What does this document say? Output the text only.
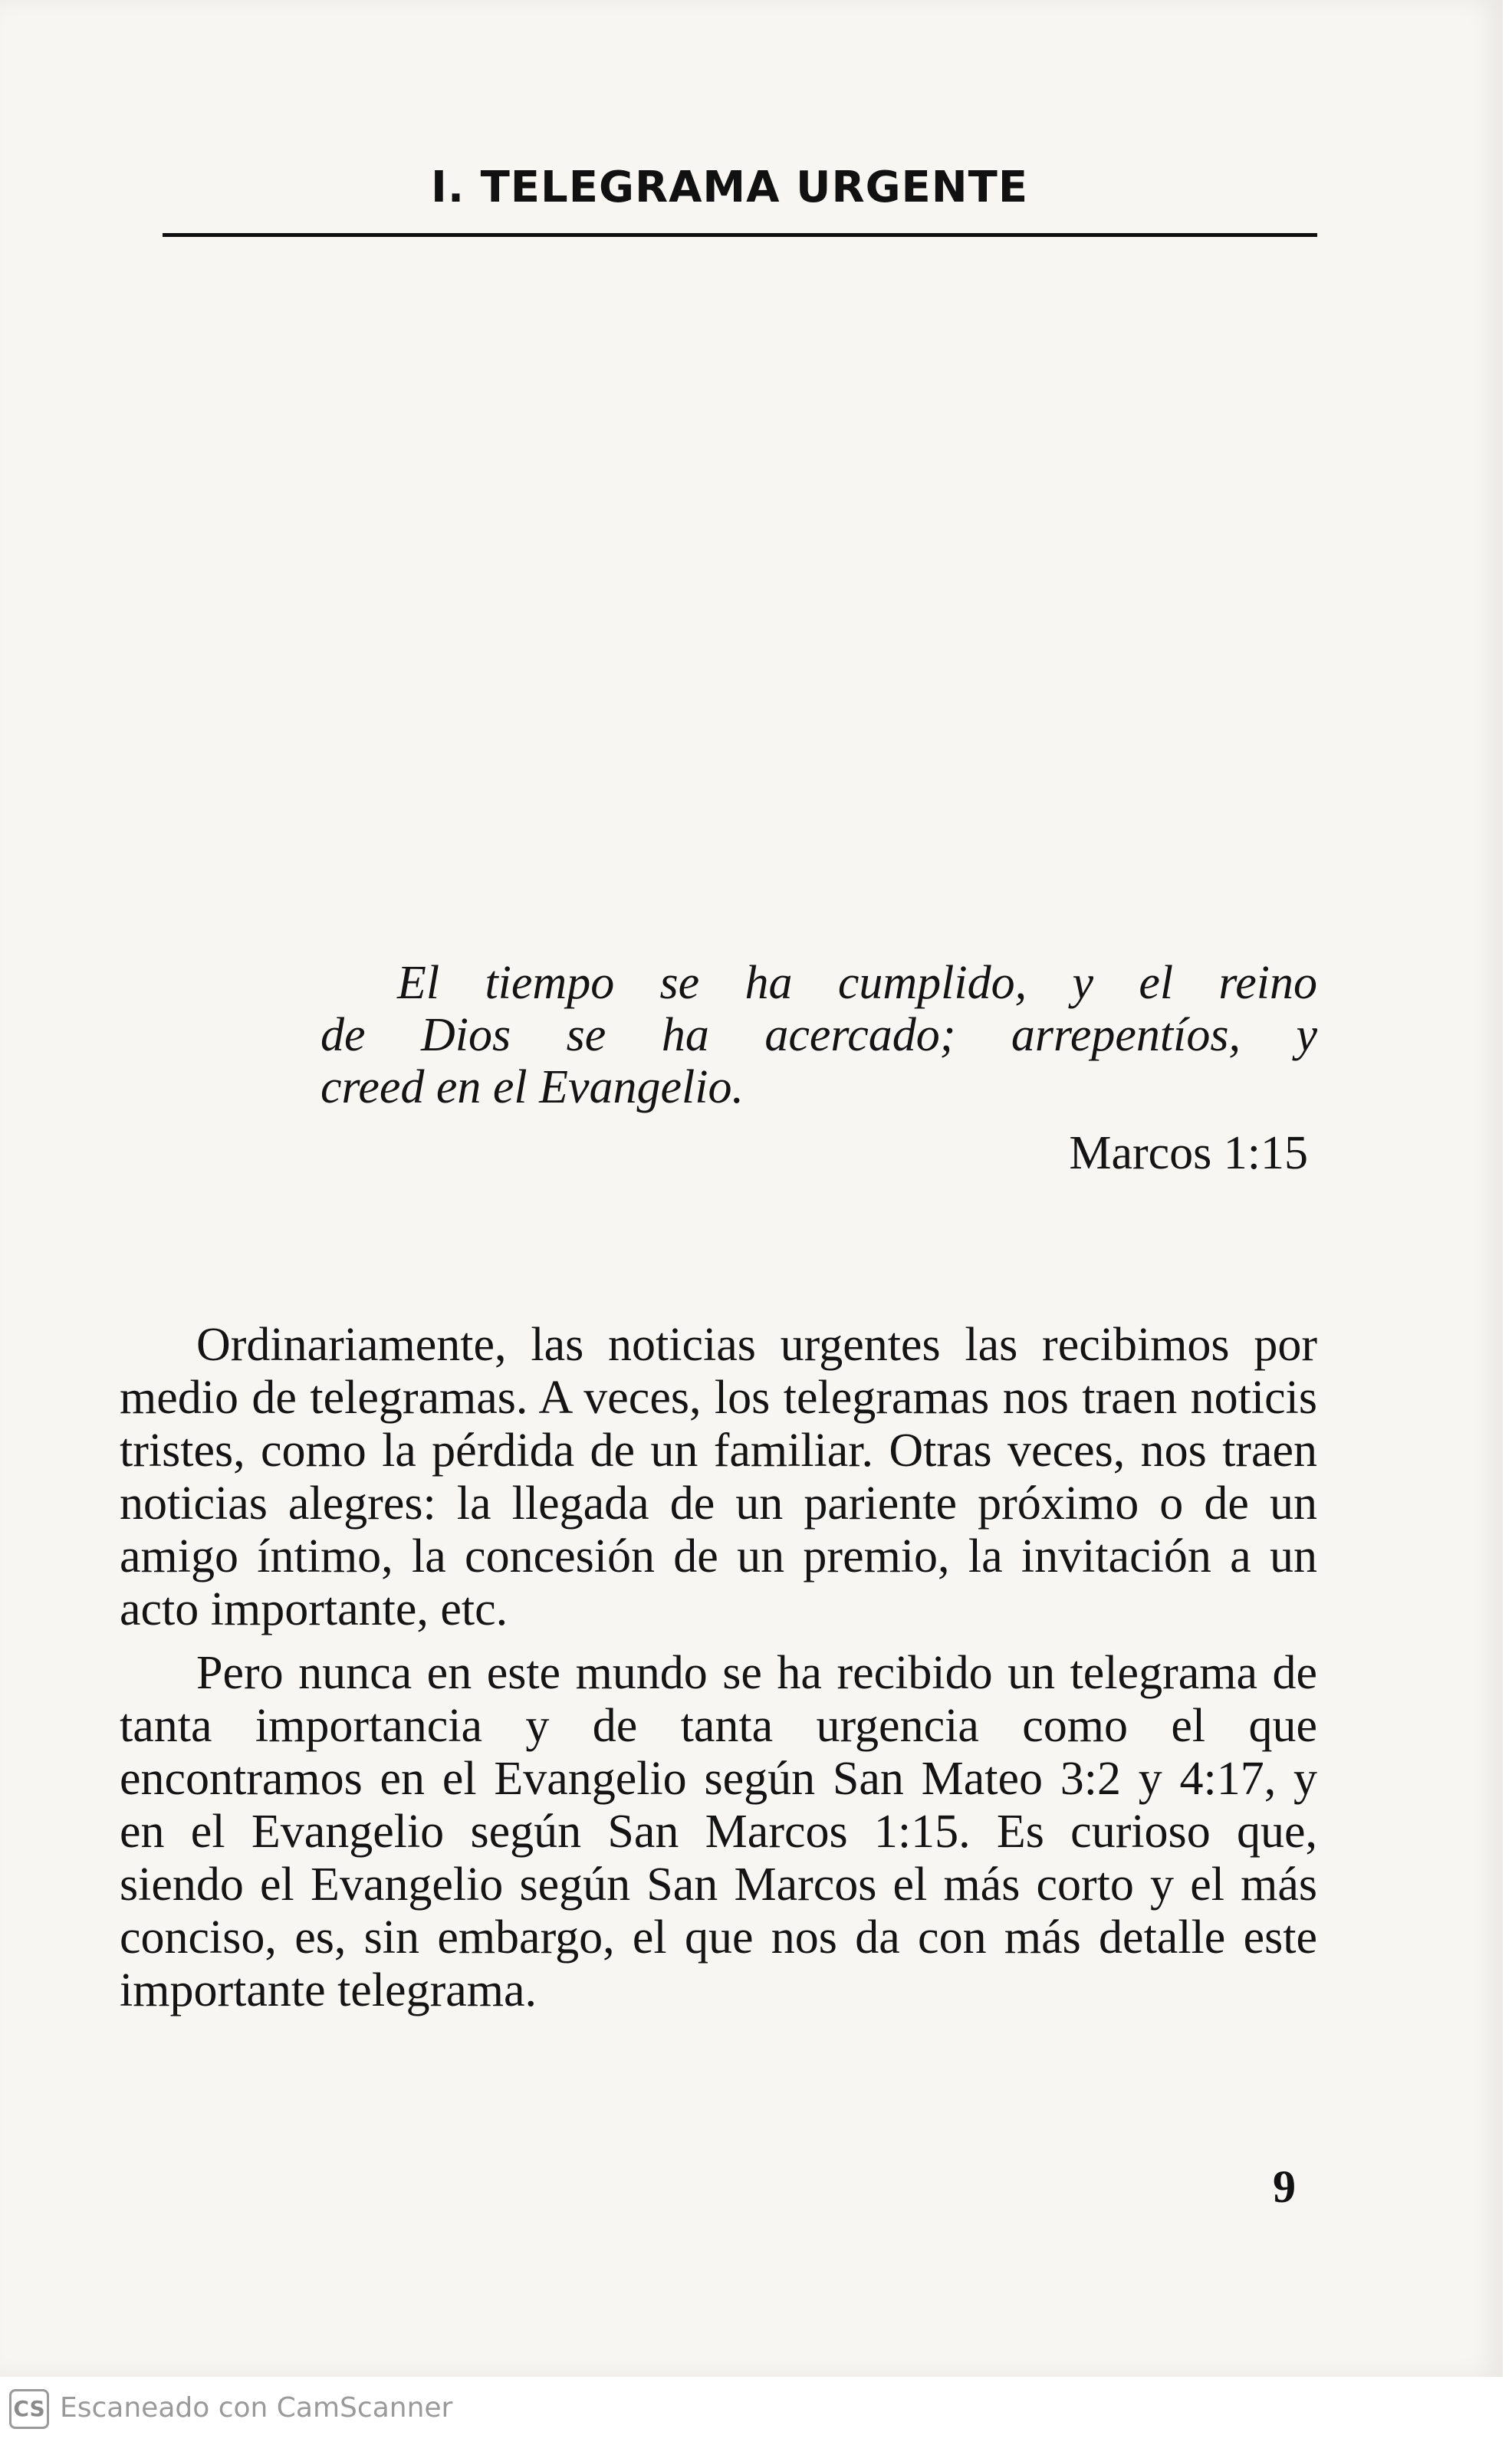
I. TELEGRAMA URGENTE
El tiempo se ha cumplido, y el reino
de Dios se ha acercado; arrepentíos, y
creed en el Evangelio.
Marcos 1:15

Ordinariamente, las noticias urgentes las recibimos por medio de telegramas. A veces, los telegramas nos traen noticis tristes, como la pérdida de un familiar. Otras veces, nos traen noticias alegres: la llegada de un pariente próximo o de un amigo íntimo, la concesión de un premio, la invitación a un acto importante, etc.

Pero nunca en este mundo se ha recibido un telegrama de tanta importancia y de tanta urgencia como el que encontramos en el Evangelio según San Mateo 3:2 y 4:17, y en el Evangelio según San Marcos 1:15. Es curioso que, siendo el Evangelio según San Marcos el más corto y el más conciso, es, sin embargo, el que nos da con más detalle este importante telegrama.

9
CS Escaneado con CamScanner
